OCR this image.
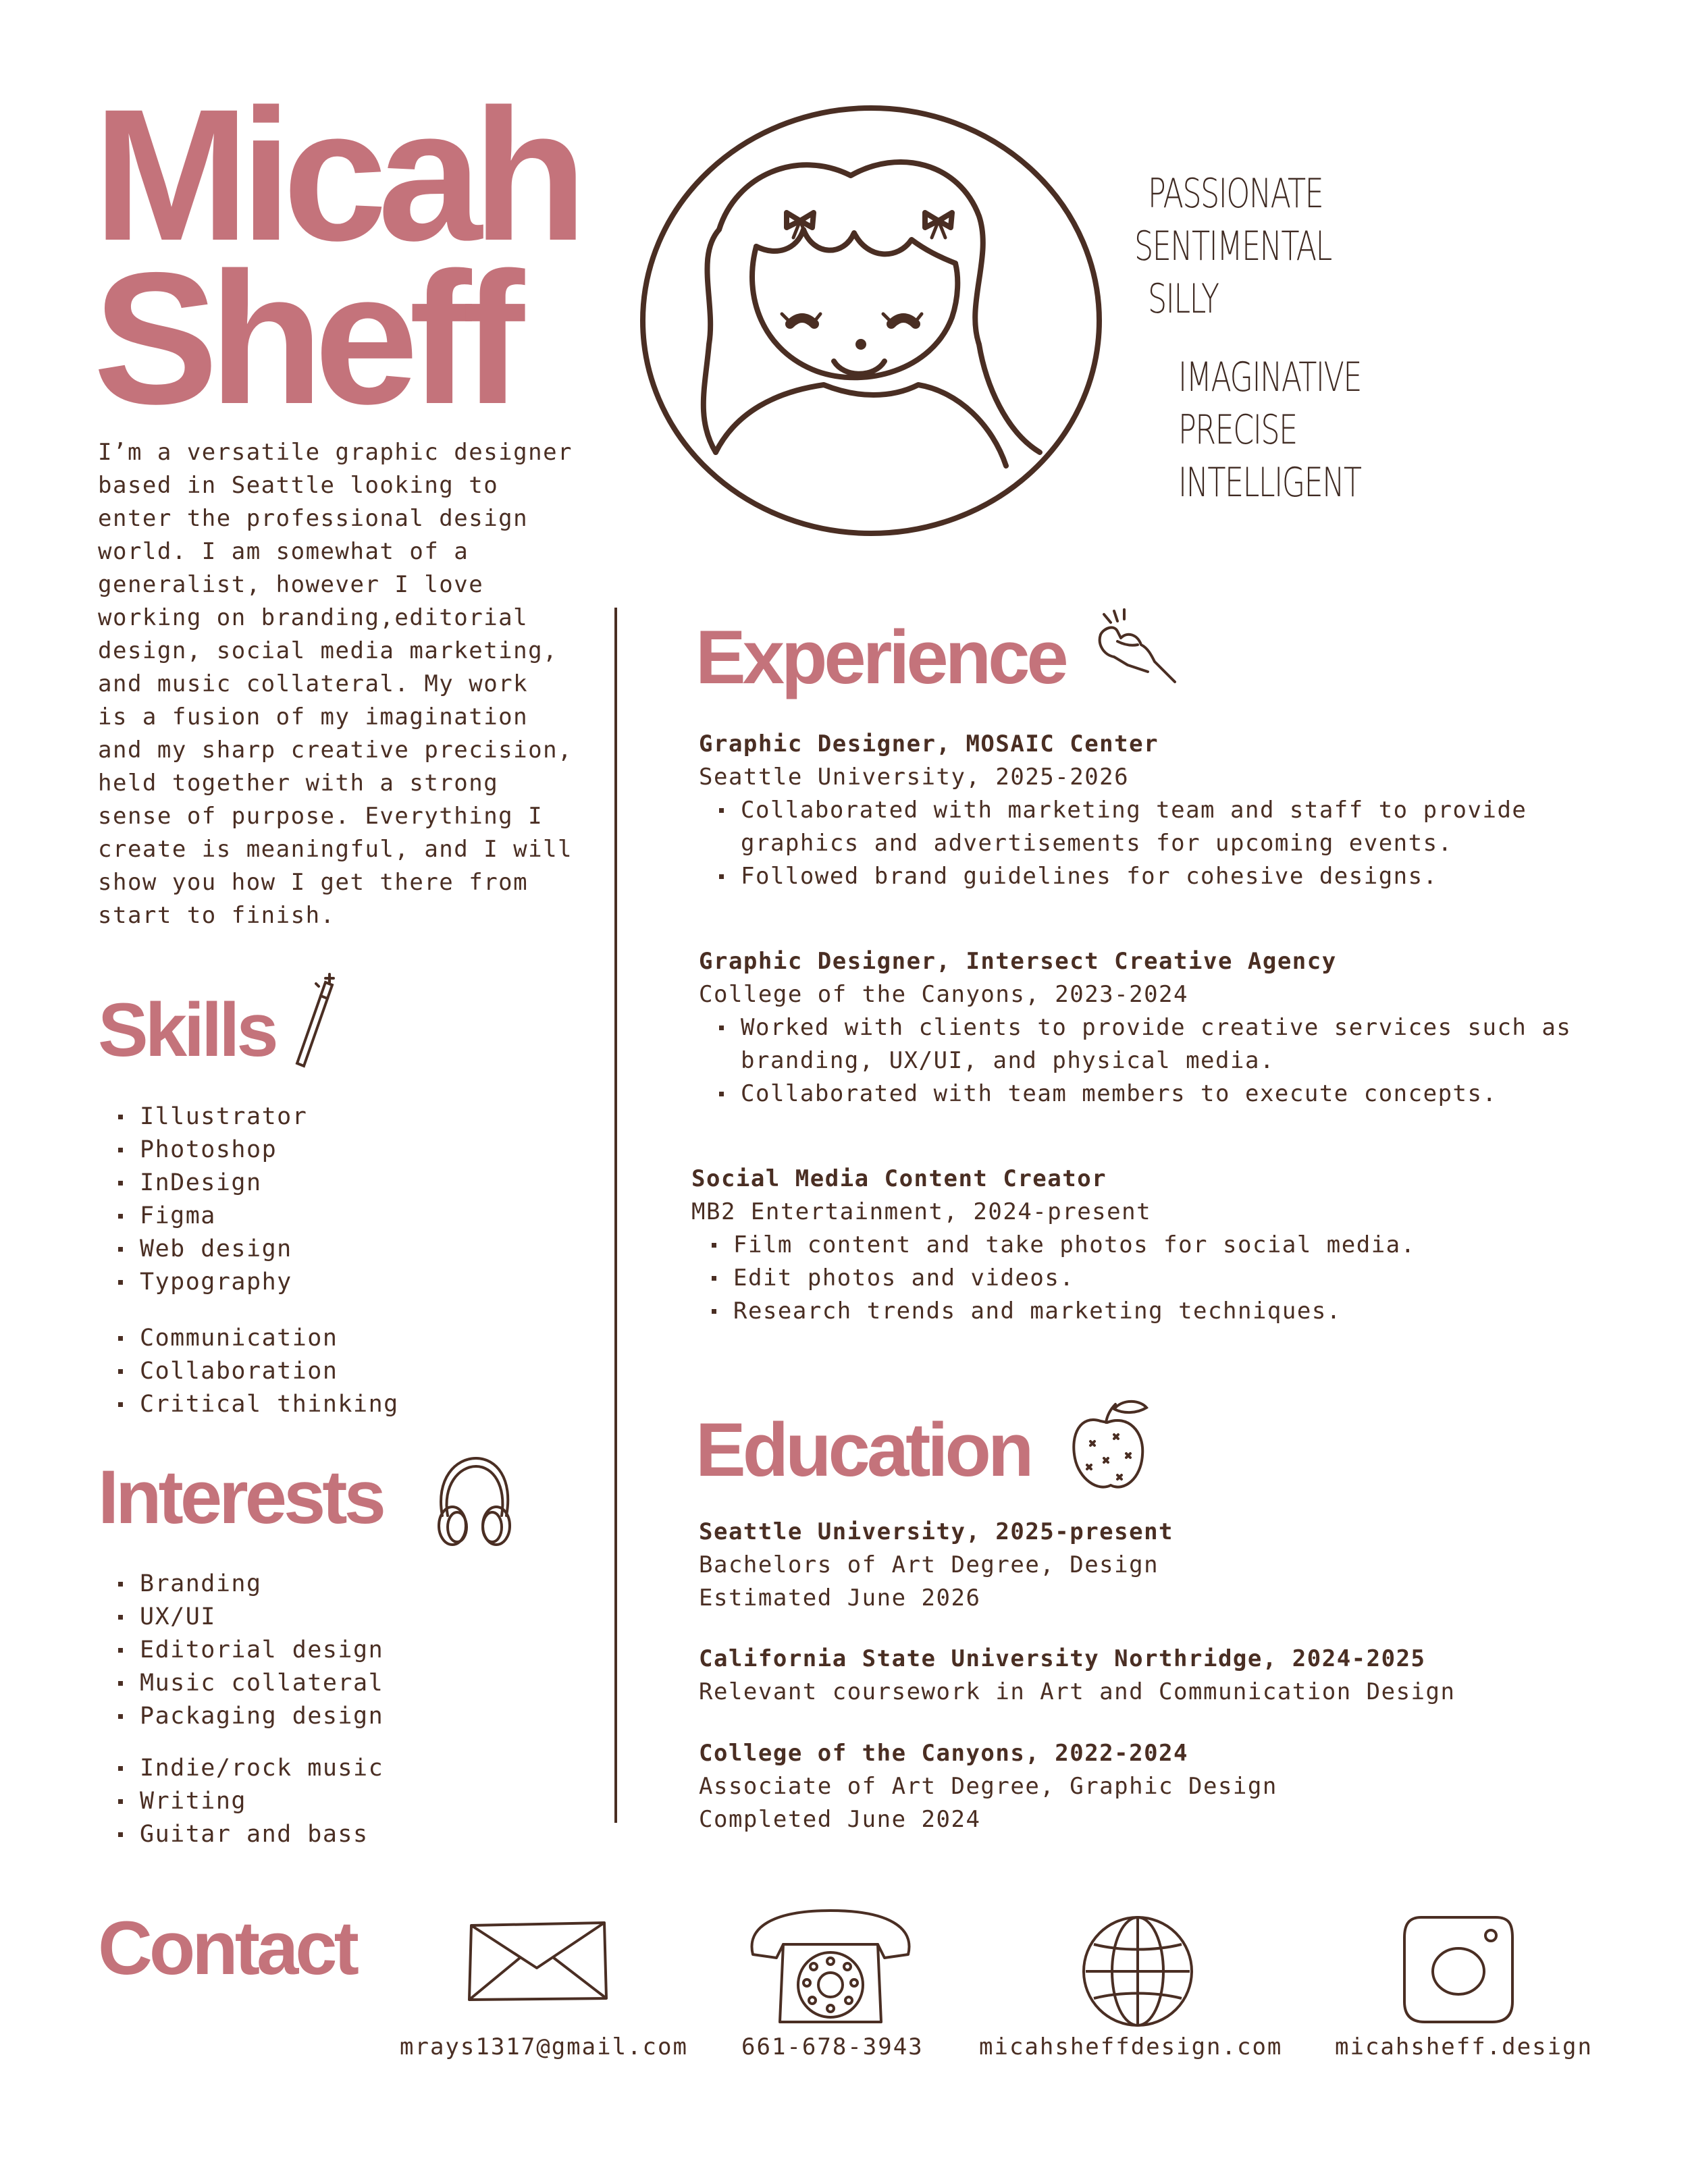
Micah
Sheff
PASSIONATE
SENTIMENTAL
SILLY
IMAGINATIVE
PRECISE
INTELLIGENT
I’m a versatile graphic designer
based in Seattle looking to
enter the professional design
world. I am somewhat of a
generalist, however I love
working on branding,editorial
design, social media marketing,
and music collateral. My work
is a fusion of my imagination
and my sharp creative precision,
held together with a strong
sense of purpose. Everything I
create is meaningful, and I will
show you how I get there from
start to finish.
Skills
Illustrator
Photoshop
InDesign
Figma
Web design
Typography
Communication
Collaboration
Critical thinking
Interests
Branding
UX/UI
Editorial design
Music collateral
Packaging design
Indie/rock music
Writing
Guitar and bass
Experience
Graphic Designer, MOSAIC Center
Seattle University, 2025-2026
Collaborated with marketing team and staff to provide graphics and advertisements for upcoming events.
Followed brand guidelines for cohesive designs.
Graphic Designer, Intersect Creative Agency
College of the Canyons, 2023-2024
Worked with clients to provide creative services such as branding, UX/UI, and physical media.
Collaborated with team members to execute concepts.
Social Media Content Creator
MB2 Entertainment, 2024-present
Film content and take photos for social media.
Edit photos and videos.
Research trends and marketing techniques.
Education
Seattle University, 2025-present
Bachelors of Art Degree, Design
Estimated June 2026
California State University Northridge, 2024-2025
Relevant coursework in Art and Communication Design
College of the Canyons, 2022-2024
Associate of Art Degree, Graphic Design
Completed June 2024
Contact
mrays1317@gmail.com 661-678-3943 micahsheffdesign.com micahsheff.design
